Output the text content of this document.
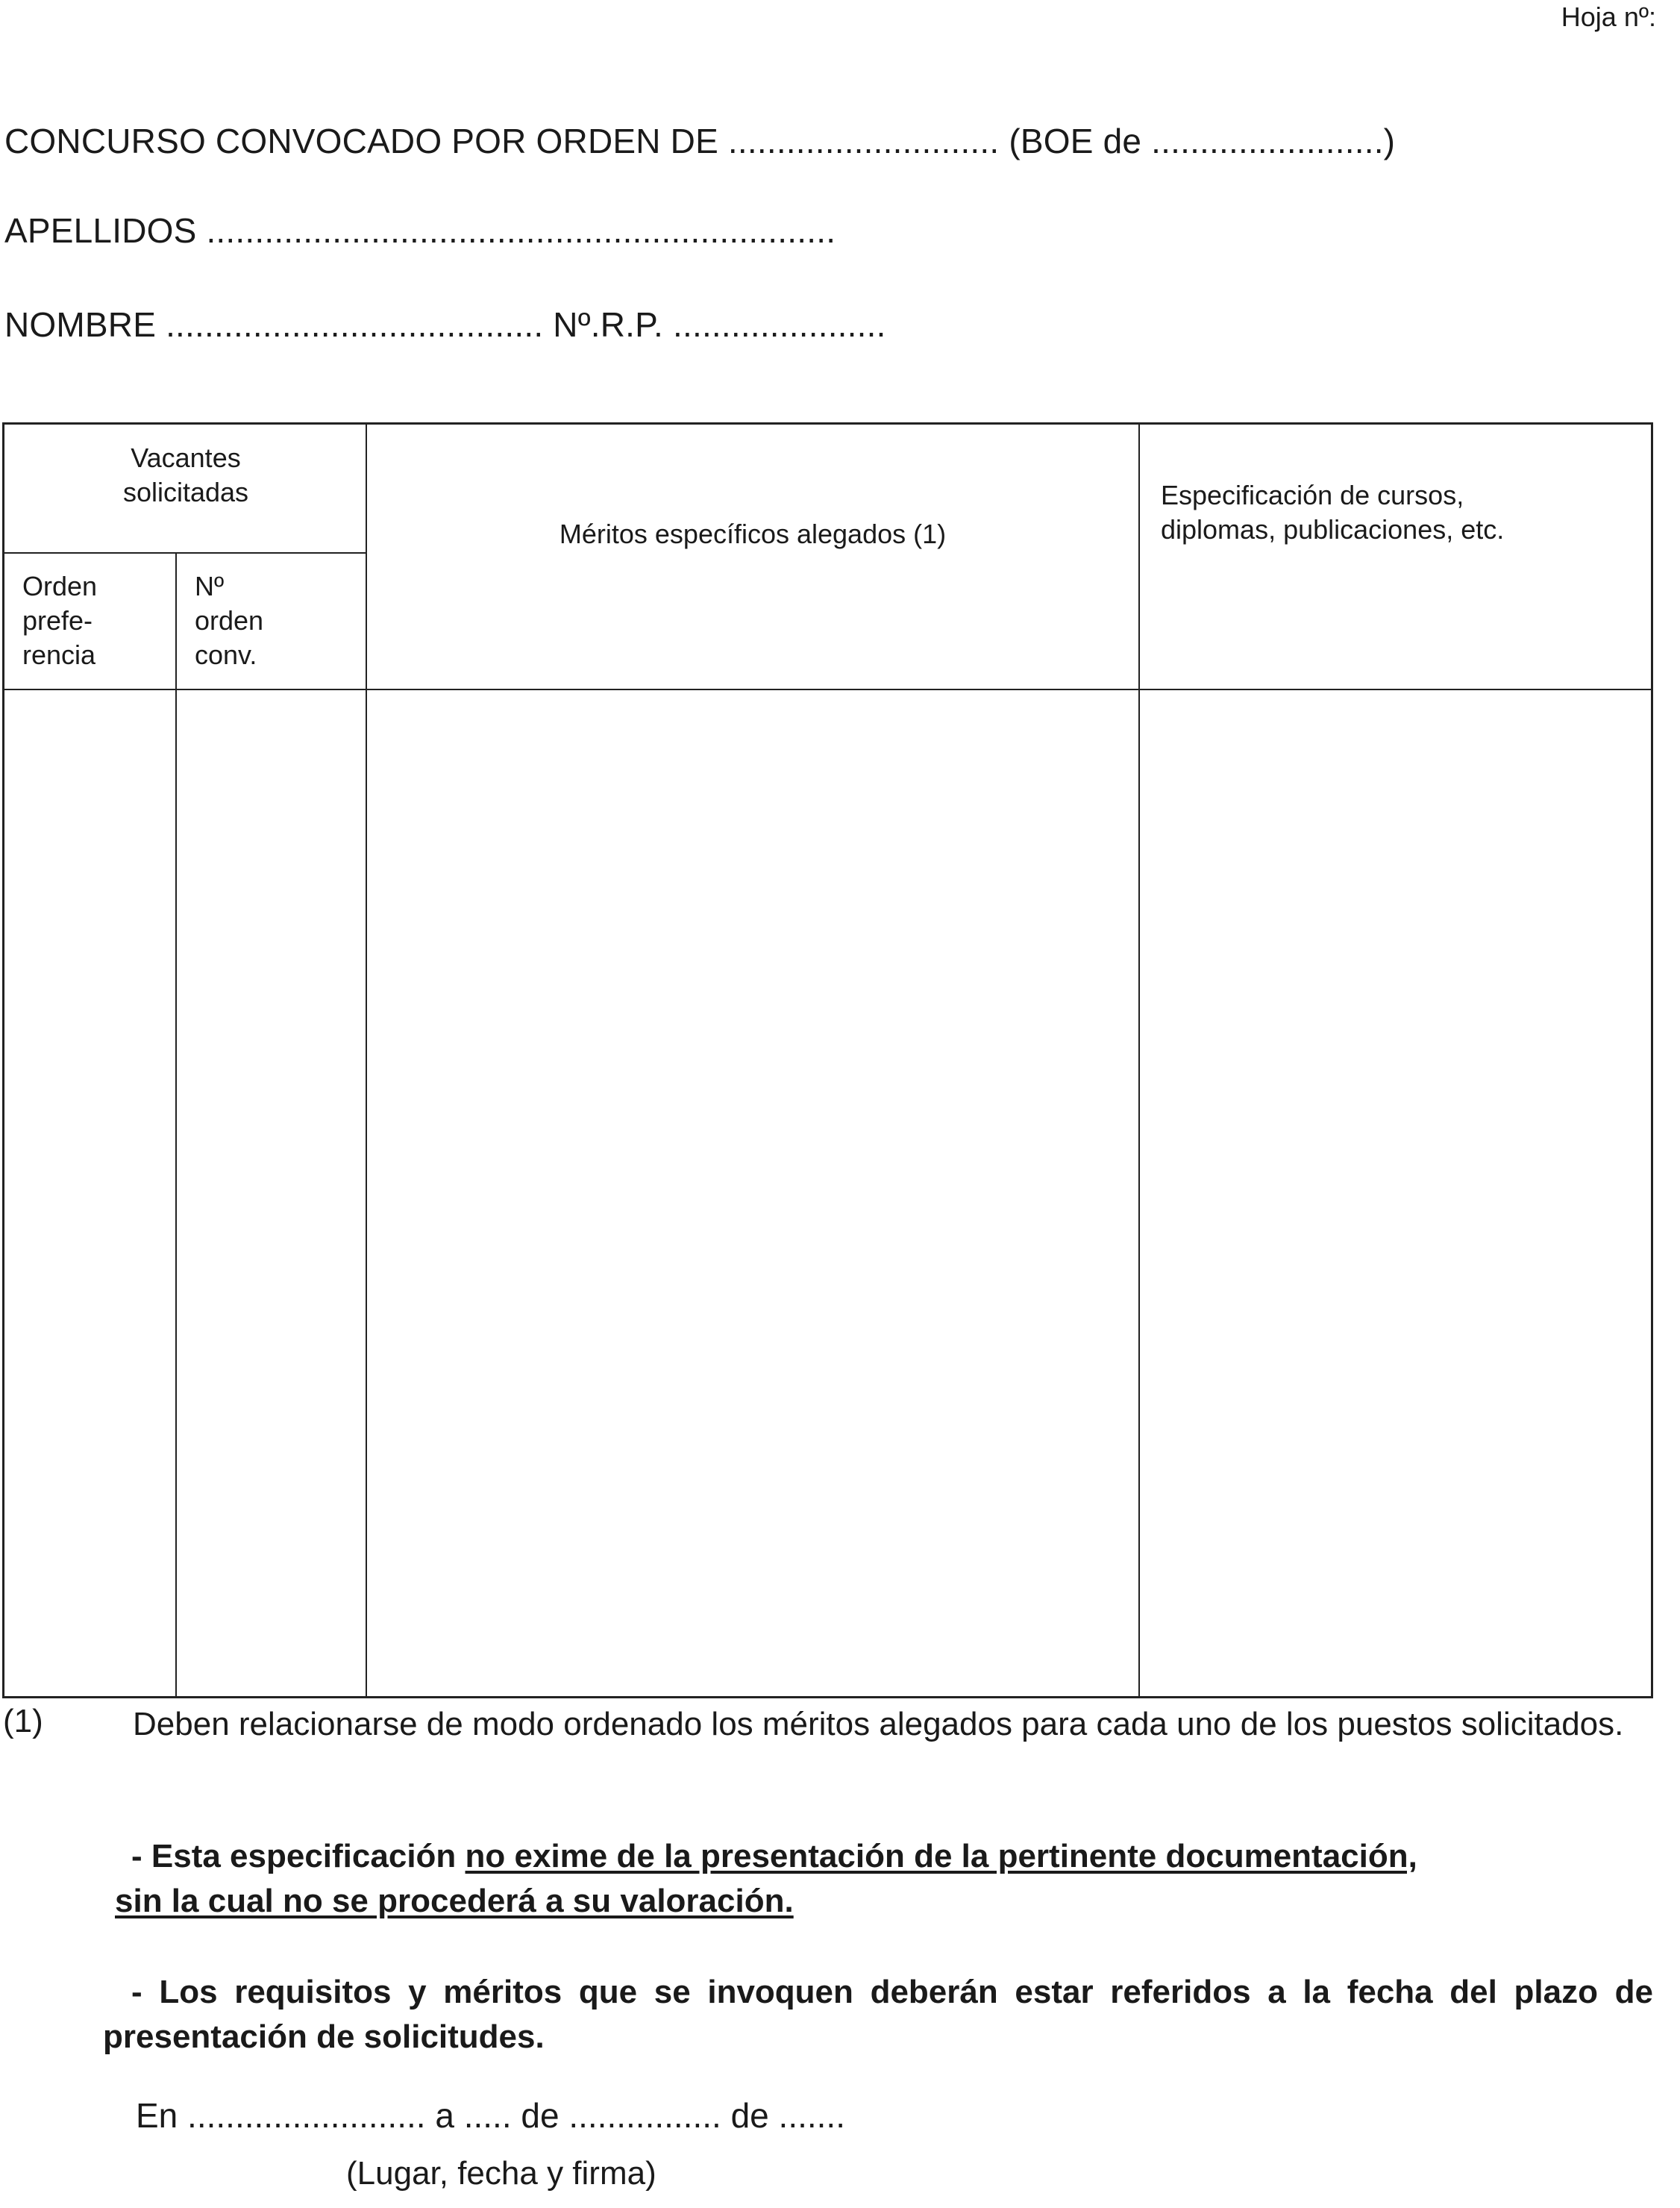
Hoja nº:
CONCURSO CONVOCADO POR ORDEN DE ............................ (BOE de ........................)
APELLIDOS .................................................................
NOMBRE ....................................... Nº.R.P. ......................
Vacantes solicitadas
Orden prefe- rencia
Nº orden conv.
Méritos específicos alegados (1)
Especificación de cursos, diplomas, publicaciones, etc.
(1)	Deben relacionarse de modo ordenado los méritos alegados para cada uno de los puestos solicitados.
- Esta especificación no exime de la presentación de la pertinente documentación,
sin la cual no se procederá a su valoración.
- Los requisitos y méritos que se invoquen deberán estar referidos a la fecha del plazo de presentación de solicitudes.
En ......................... a ..... de ................ de .......
(Lugar, fecha y firma)
